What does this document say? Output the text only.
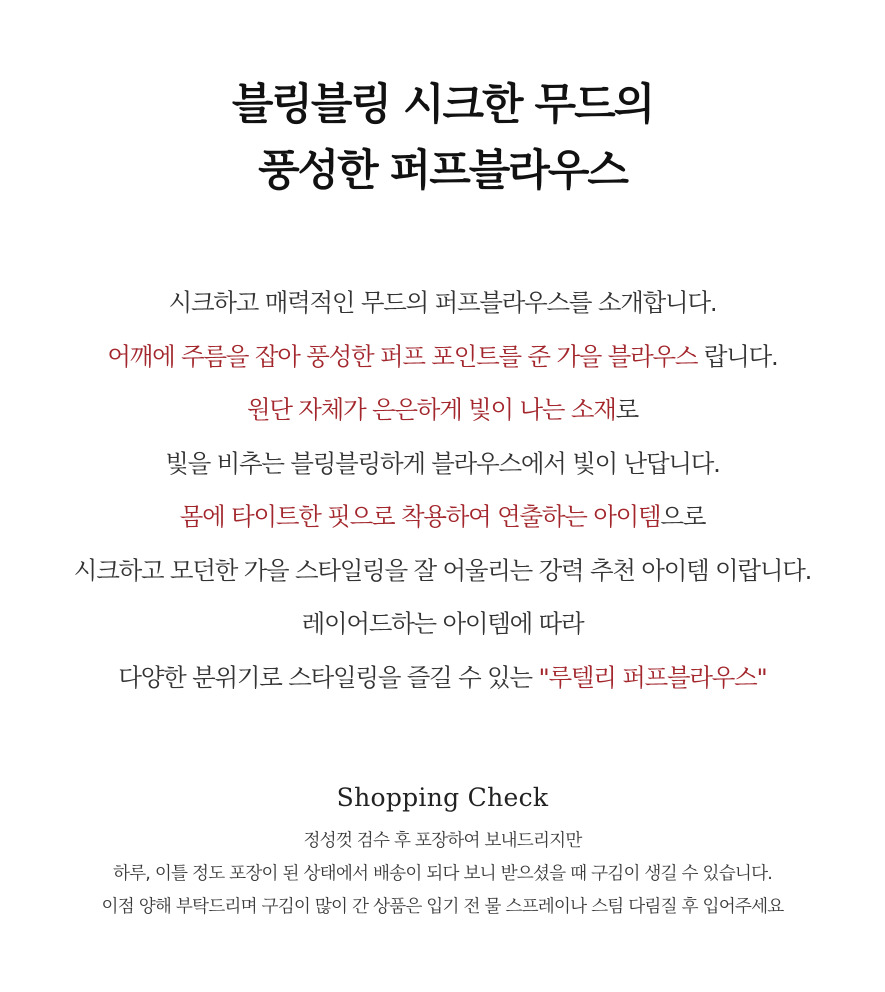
블링블링 시크한 무드의
풍성한 퍼프블라우스
시크하고 매력적인 무드의 퍼프블라우스를 소개합니다.
어깨에 주름을 잡아 풍성한 퍼프 포인트를 준 가을 블라우스 랍니다.
원단 자체가 은은하게 빛이 나는 소재로
빛을 비추는 블링블링하게 블라우스에서 빛이 난답니다.
몸에 타이트한 핏으로 착용하여 연출하는 아이템으로
시크하고 모던한 가을 스타일링을 잘 어울리는 강력 추천 아이템 이랍니다.
레이어드하는 아이템에 따라
다양한 분위기로 스타일링을 즐길 수 있는 "루텔리 퍼프블라우스"
Shopping Check
정성껏 검수 후 포장하여 보내드리지만
하루, 이틀 정도 포장이 된 상태에서 배송이 되다 보니 받으셨을 때 구김이 생길 수 있습니다.
이점 양해 부탁드리며 구김이 많이 간 상품은 입기 전 물 스프레이나 스팀 다림질 후 입어주세요
